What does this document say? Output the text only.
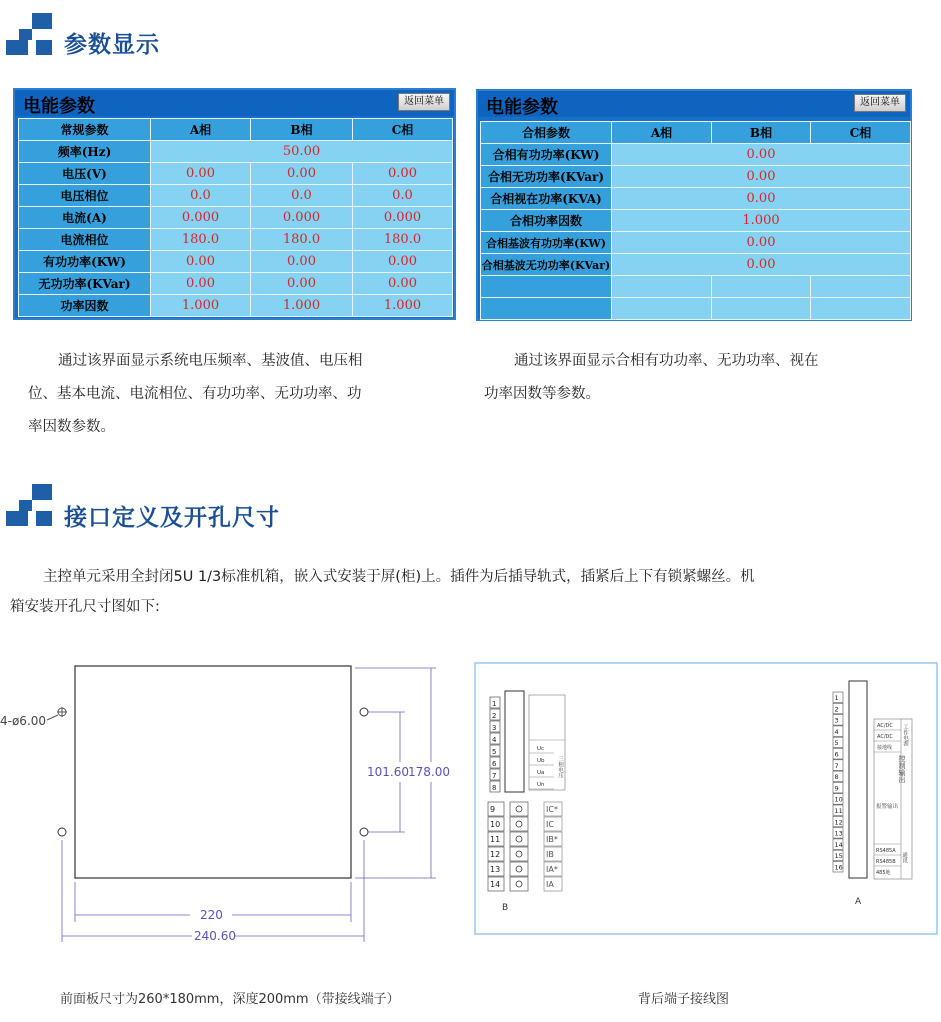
参数显示
电能参数	返回菜单
常规参数	A相	B相	C相
频率(Hz)	50.00		
电压(V)	0.00	0.00	0.00
电压相位	0.0	0.0	0.0
电流(A)	0.000	0.000	0.000
电流相位	180.0	180.0	180.0
有功功率(KW)	0.00	0.00	0.00
无功功率(KVar)	0.00	0.00	0.00
功率因数	1.000	1.000	1.000
电能参数	返回菜单
合相参数	A相	B相	C相
合相有功功率(KW)	0.00		
合相无功功率(KVar)	0.00		
合相视在功率(KVA)	0.00		
合相功率因数	1.000		
合相基波有功功率(KW)	0.00		
合相基波无功功率(KVar)	0.00		

通过该界面显示系统电压频率、基波值、电压相
位、基本电流、电流相位、有功功率、无功功率、功
率因数参数。
通过该界面显示合相有功功率、无功功率、视在
功率因数等参数。
接口定义及开孔尺寸
主控单元采用全封闭5U 1/3标准机箱，嵌入式安装于屏(柜)上。插件为后插导轨式，插紧后上下有锁紧螺丝。机
箱安装开孔尺寸图如下:
4-ø6.00
101.60 178.00
220
240.60
1
2
3
4
5
6
7
8
Uc
Ub
Ua
Un
三相电压
9
10
11
12
13
14
IC*
IC
IB*
IB
IA*
IA
B
1
2
3
4
5
6
7
8
9
10
11
12
13
14
15
16
AC/DC
AC/DC
接地线
工作电源
控制输出
报警输出
RS485A
RS485B
485地
通讯
A
前面板尺寸为260*180mm，深度200mm（带接线端子）	背后端子接线图
